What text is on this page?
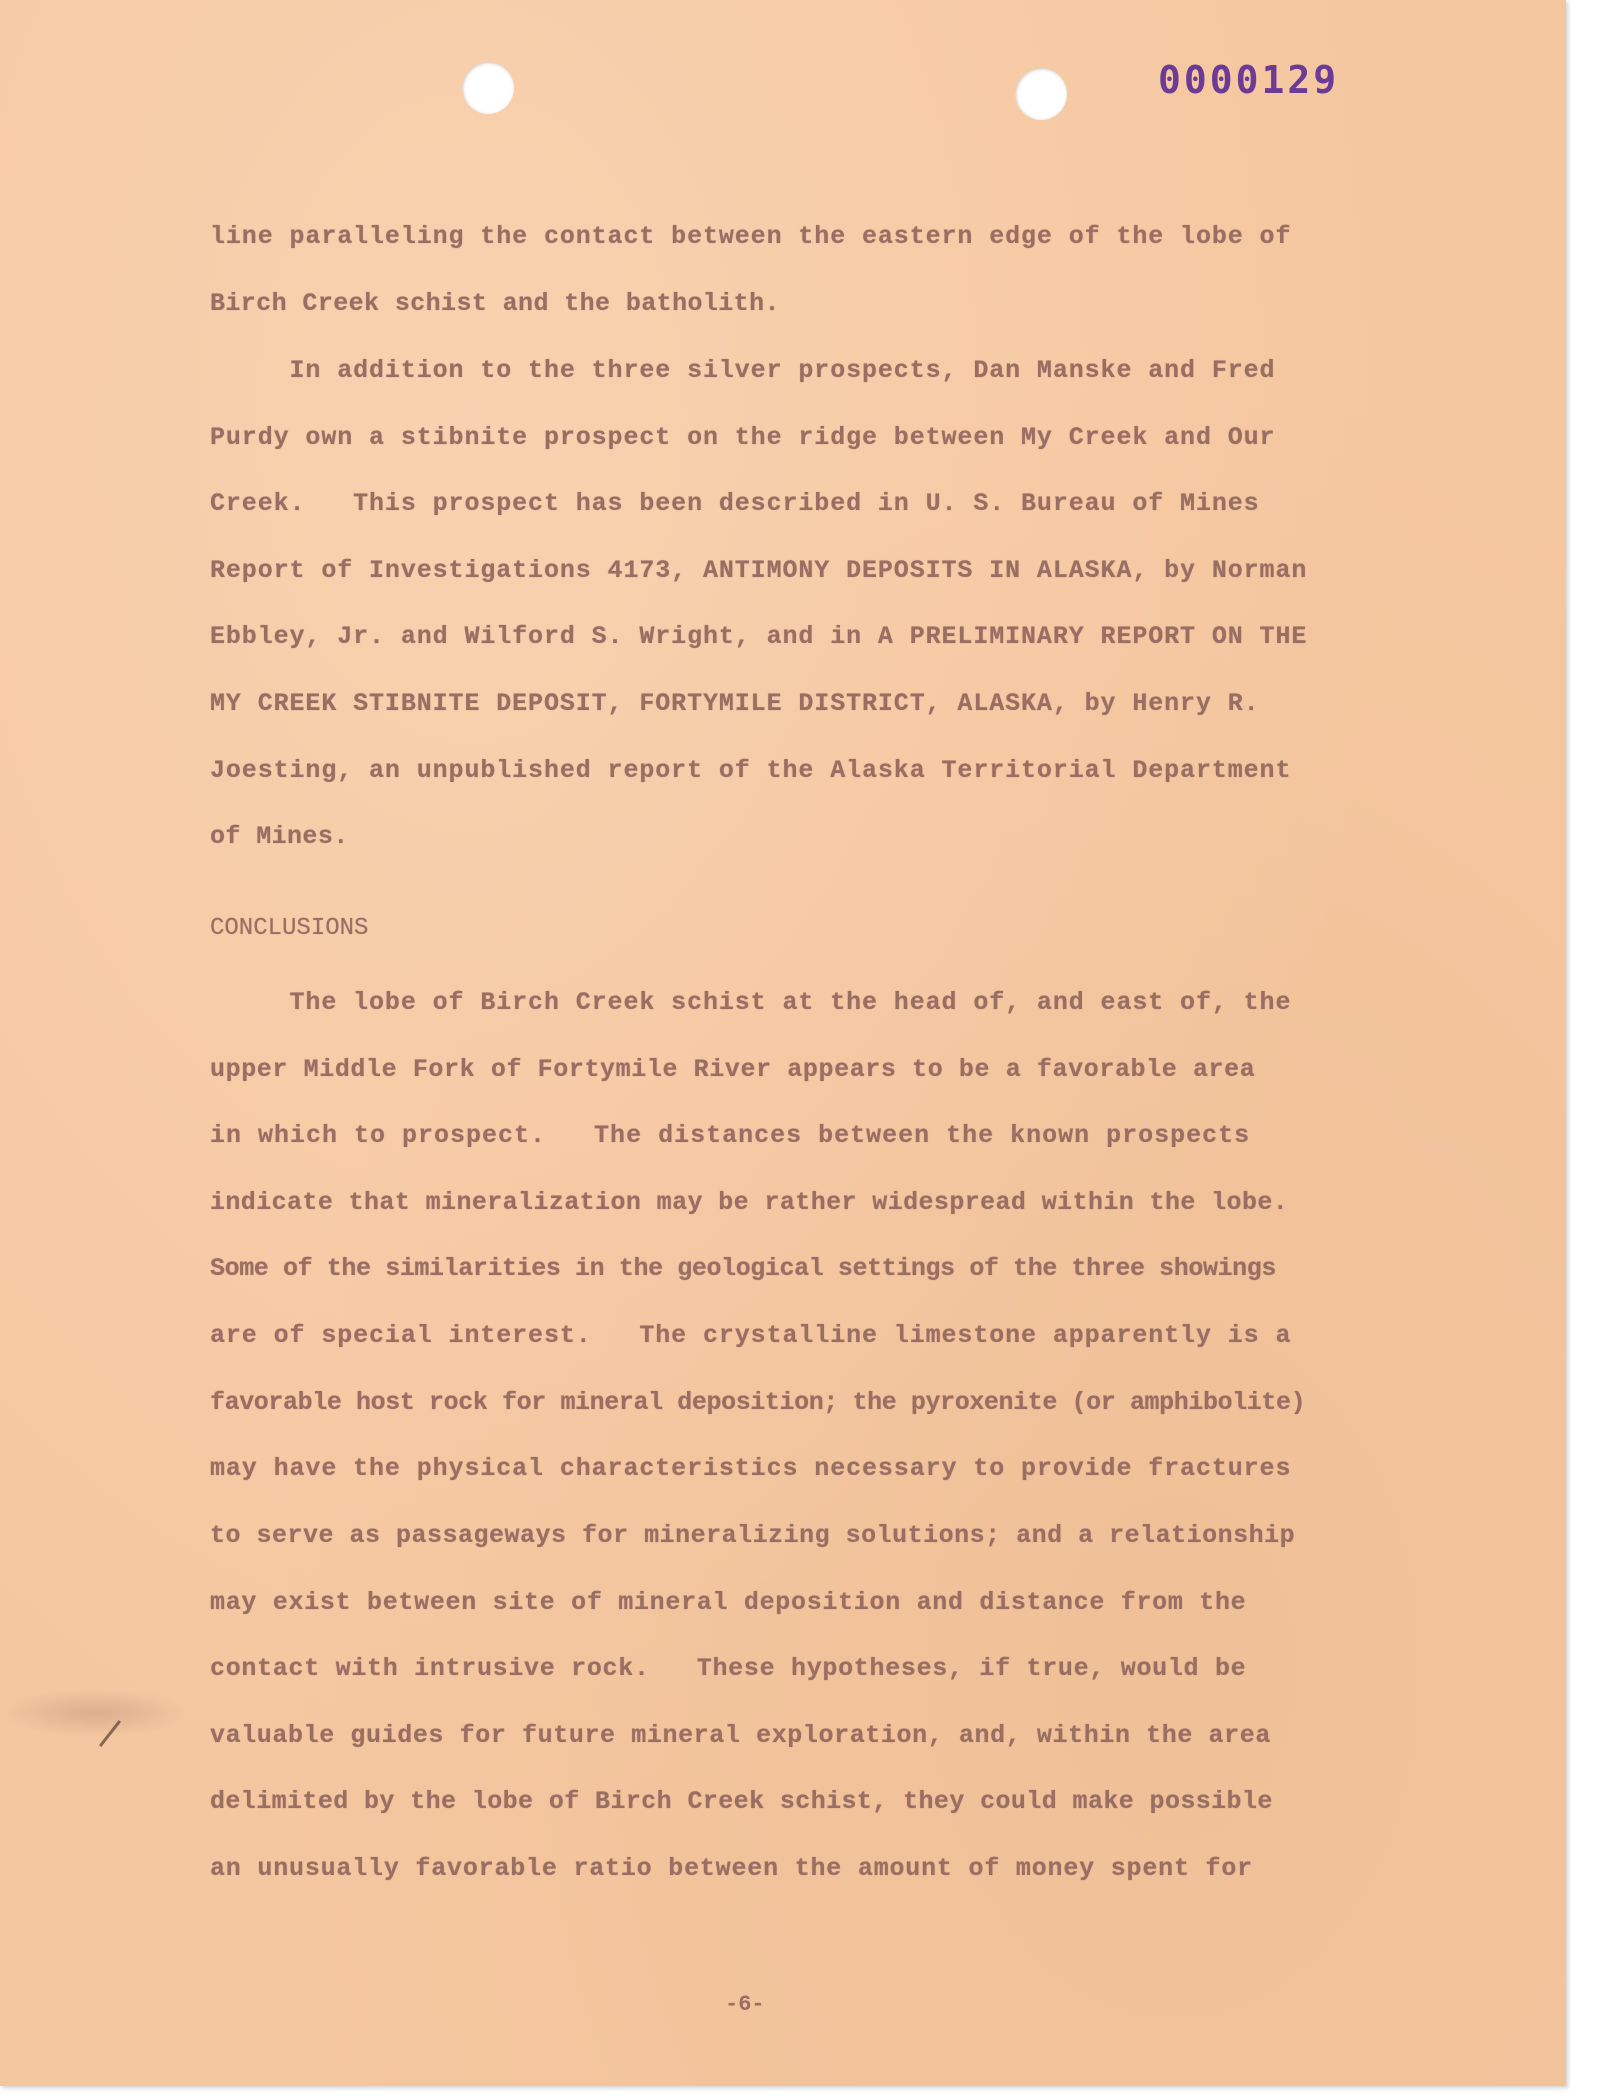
0000129
line paralleling the contact between the eastern edge of the lobe of
Birch Creek schist and the batholith.
In addition to the three silver prospects, Dan Manske and Fred
Purdy own a stibnite prospect on the ridge between My Creek and Our
Creek.   This prospect has been described in U. S. Bureau of Mines
Report of Investigations 4173, ANTIMONY DEPOSITS IN ALASKA, by Norman
Ebbley, Jr. and Wilford S. Wright, and in A PRELIMINARY REPORT ON THE
MY CREEK STIBNITE DEPOSIT, FORTYMILE DISTRICT, ALASKA, by Henry R.
Joesting, an unpublished report of the Alaska Territorial Department
of Mines.
CONCLUSIONS
The lobe of Birch Creek schist at the head of, and east of, the
upper Middle Fork of Fortymile River appears to be a favorable area
in which to prospect.   The distances between the known prospects
indicate that mineralization may be rather widespread within the lobe.
Some of the similarities in the geological settings of the three showings
are of special interest.   The crystalline limestone apparently is a
favorable host rock for mineral deposition; the pyroxenite (or amphibolite)
may have the physical characteristics necessary to provide fractures
to serve as passageways for mineralizing solutions; and a relationship
may exist between site of mineral deposition and distance from the
contact with intrusive rock.   These hypotheses, if true, would be
valuable guides for future mineral exploration, and, within the area
delimited by the lobe of Birch Creek schist, they could make possible
an unusually favorable ratio between the amount of money spent for
-6-
